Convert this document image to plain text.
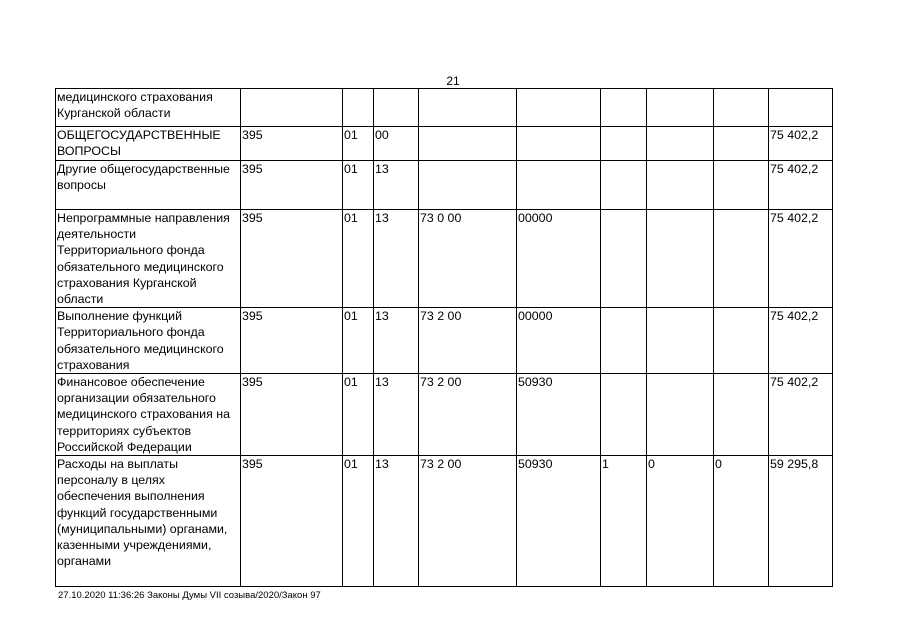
21
медицинского страхования Курганской области									
ОБЩЕГОСУДАРСТВЕННЫЕ ВОПРОСЫ	395	01	00						75 402,2
Другие общегосударственные вопросы	395	01	13						75 402,2
Непрограммные направления деятельности Территориального фонда обязательного медицинского страхования Курганской области	395	01	13	73 0 00	00000				75 402,2
Выполнение функций Территориального фонда обязательного медицинского страхования	395	01	13	73 2 00	00000				75 402,2
Финансовое обеспечение организации обязательного медицинского страхования на территориях субъектов Российской Федерации	395	01	13	73 2 00	50930				75 402,2
Расходы на выплаты персоналу в целях обеспечения выполнения функций государственными (муниципальными) органами, казенными учреждениями, органами	395	01	13	73 2 00	50930	1	0	0	59 295,8
27.10.2020 11:36:26 Законы Думы VII созыва/2020/Закон 97
